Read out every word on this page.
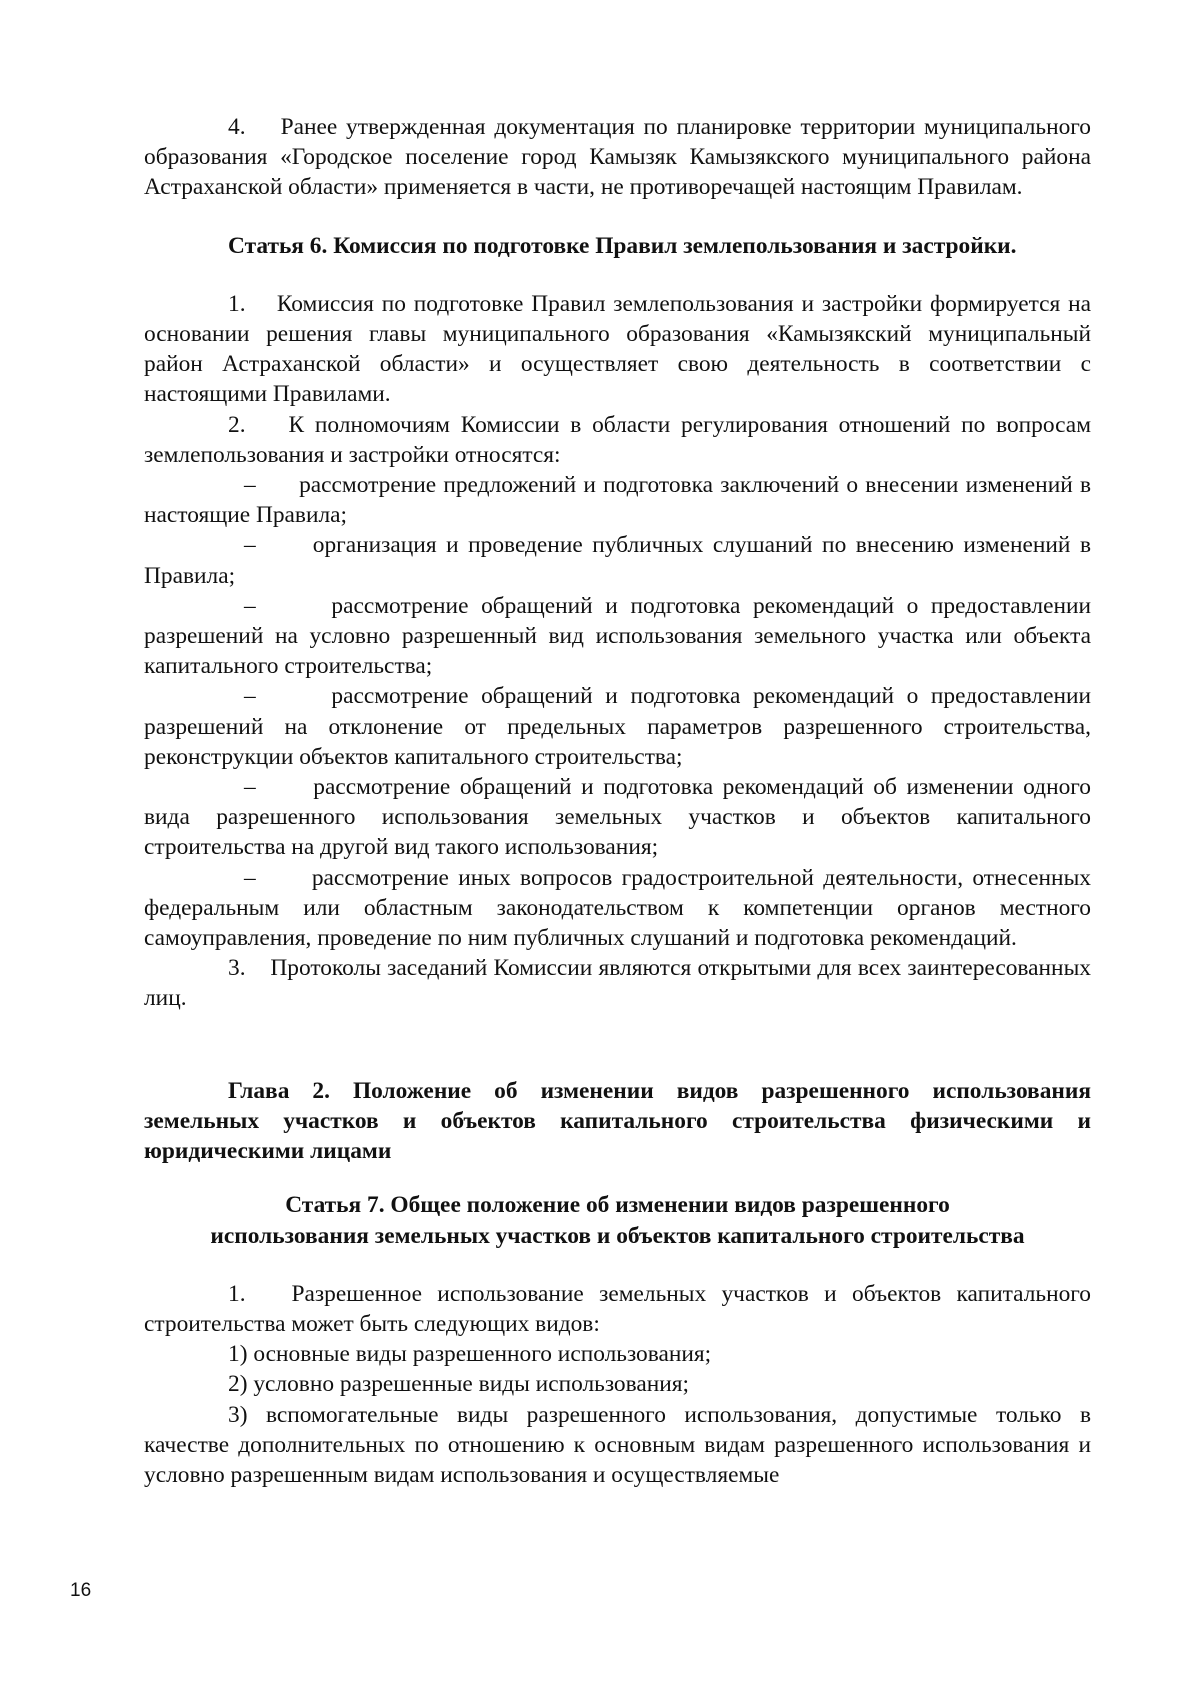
4.    Ранее утвержденная документация по планировке территории муниципального образования «Городское поселение город Камызяк Камызякского муниципального района Астраханской области» применяется в части, не противоречащей настоящим Правилам.

Статья 6. Комиссия по подготовке Правил землепользования и застройки.

1.    Комиссия по подготовке Правил землепользования и застройки формируется на основании решения главы муниципального образования «Камызякский муниципальный район Астраханской области» и осуществляет свою деятельность в соответствии с настоящими Правилами.

2.    К полномочиям Комиссии в области регулирования отношений по вопросам землепользования и застройки относятся:

–      рассмотрение предложений и подготовка заключений о внесении изменений в настоящие Правила;

–      организация и проведение публичных слушаний по внесению изменений в Правила;

–      рассмотрение обращений и подготовка рекомендаций о предоставлении разрешений на условно разрешенный вид использования земельного участка или объекта капитального строительства;

–      рассмотрение обращений и подготовка рекомендаций о предоставлении разрешений на отклонение от предельных параметров разрешенного строительства, реконструкции объектов капитального строительства;

–      рассмотрение обращений и подготовка рекомендаций об изменении одного вида разрешенного использования земельных участков и объектов капитального строительства на другой вид такого использования;

–      рассмотрение иных вопросов градостроительной деятельности, отнесенных федеральным или областным законодательством к компетенции органов местного самоуправления, проведение по ним публичных слушаний и подготовка рекомендаций.

3.    Протоколы заседаний Комиссии являются открытыми для всех заинтересованных лиц.

Глава 2. Положение об изменении видов разрешенного использования земельных участков и объектов капитального строительства физическими и юридическими лицами
Статья 7. Общее положение об изменении видов разрешенного
использования земельных участков и объектов капитального строительства

1.   Разрешенное использование земельных участков и объектов капитального строительства может быть следующих видов:

1) основные виды разрешенного использования;

2) условно разрешенные виды использования;

3) вспомогательные виды разрешенного использования, допустимые только в качестве дополнительных по отношению к основным видам разрешенного использования и условно разрешенным видам использования и осуществляемые

16
